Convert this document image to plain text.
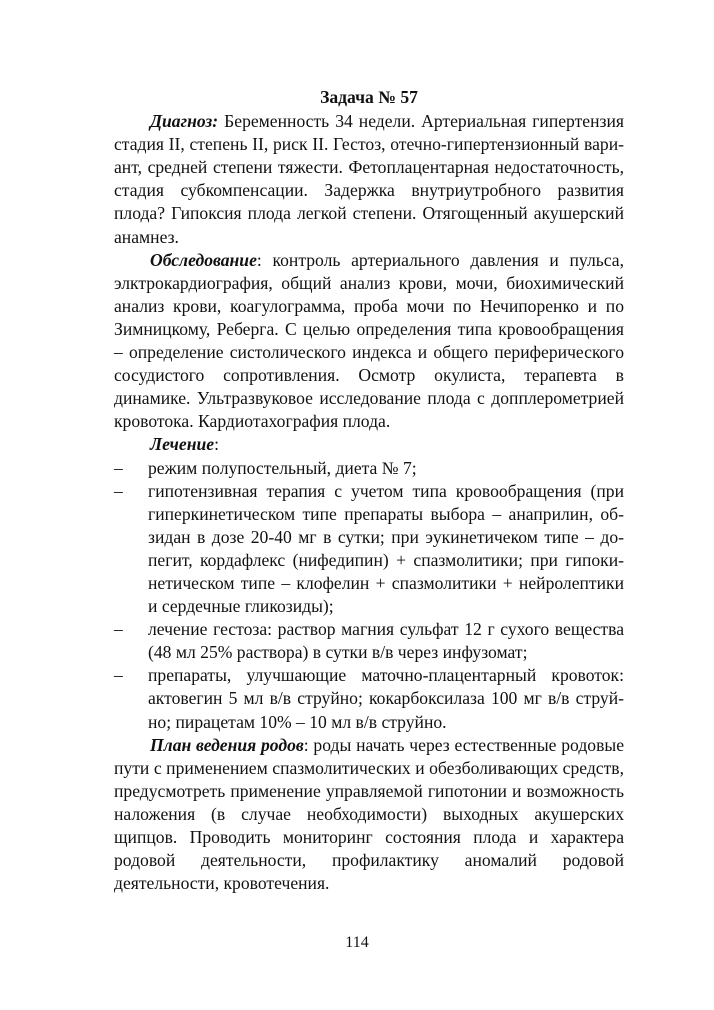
Задача № 57

Диагноз: Беременность 34 недели. Артериальная гипертензия стадия II, степень II, риск II. Гестоз, отечно-гипертензионный вариант, средней степени тяжести. Фетоплацентарная недостаточность, стадия субкомпенсации. Задержка внутриутробного развития плода? Гипоксия плода легкой степени. Отягощенный акушерский анамнез.

Обследование: контроль артериального давления и пульса, элктрокардиография, общий анализ крови, мочи, биохимический анализ крови, коагулограмма, проба мочи по Нечипоренко и по Зимницкому, Реберга. С целью определения типа кровообращения – определение систолического индекса и общего периферического сосудистого сопротивления. Осмотр окулиста, терапевта в динамике. Ультразвуковое исследование плода с допплерометрией кровотока. Кардиотахография плода.

Лечение:

– режим полупостельный, диета № 7;
– гипотензивная терапия с учетом типа кровообращения (при гиперкинетическом типе препараты выбора – анаприлин, обзидан в дозе 20-40 мг в сутки; при эукинетичеком типе – допегит, кордафлекс (нифедипин) + спазмолитики; при гипокинетическом типе – клофелин + спазмолитики + нейролептики и сердечные гликозиды);
– лечение гестоза: раствор магния сульфат 12 г сухого вещества (48 мл 25% раствора) в сутки в/в через инфузомат;
– препараты, улучшающие маточно-плацентарный кровоток: актовегин 5 мл в/в струйно; кокарбоксилаза 100 мг в/в струйно; пирацетам 10% – 10 мл в/в струйно.

План ведения родов: роды начать через естественные родовые пути с применением спазмолитических и обезболивающих средств, предусмотреть применение управляемой гипотонии и возможность наложения (в случае необходимости) выходных акушерских щипцов. Проводить мониторинг состояния плода и характера родовой деятельности, профилактику аномалий родовой деятельности, кровотечения.

114
